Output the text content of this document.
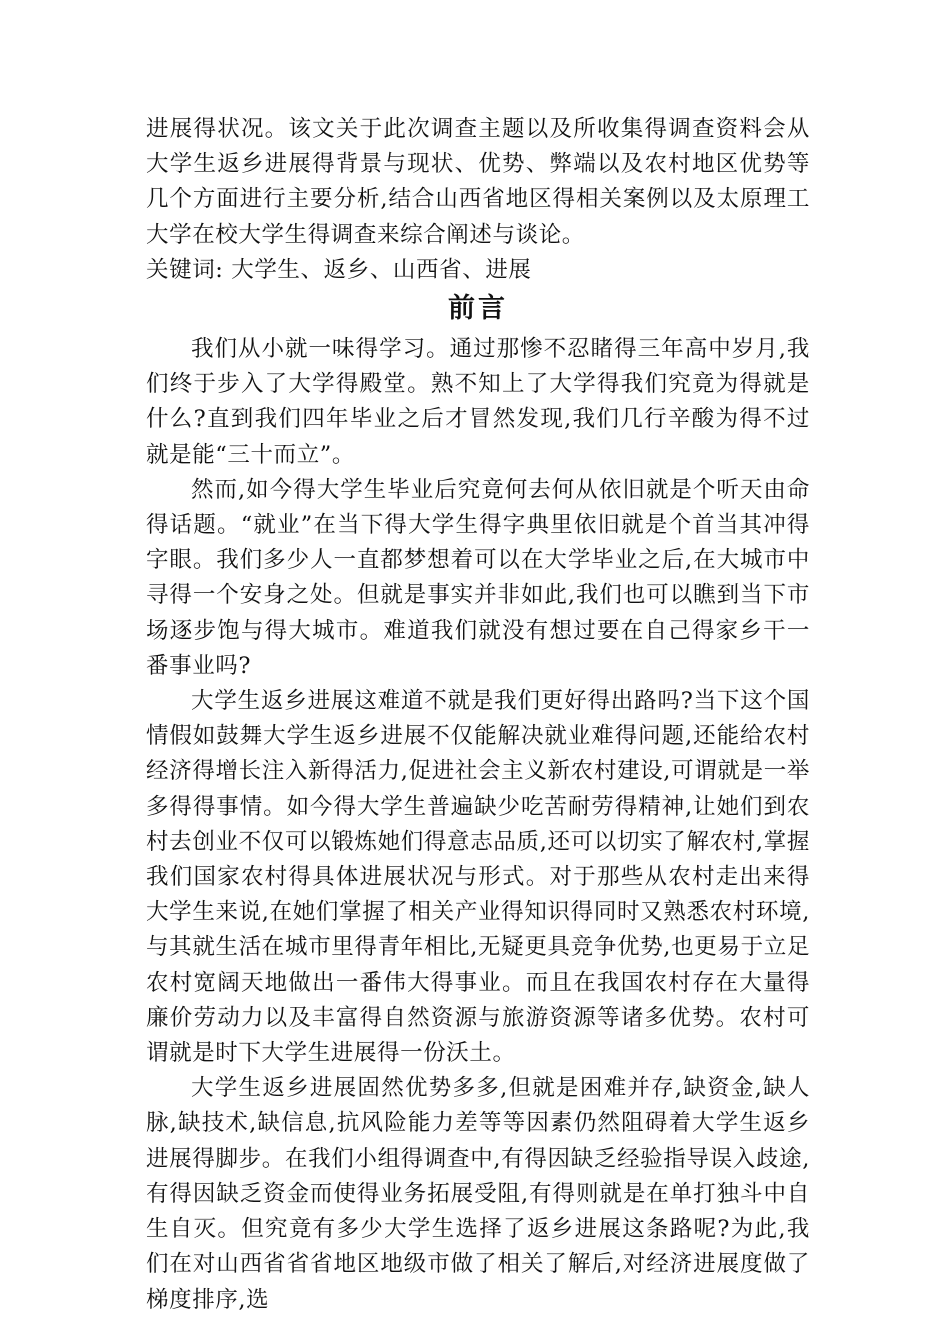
进展得状况。该文关于此次调查主题以及所收集得调查资料会从大学生返乡进展得背景与现状、优势、弊端以及农村地区优势等几个方面进行主要分析,结合山西省地区得相关案例以及太原理工大学在校大学生得调查来综合阐述与谈论。

关键词: 大学生、返乡、山西省、进展

前言

我们从小就一味得学习。通过那惨不忍睹得三年高中岁月,我们终于步入了大学得殿堂。熟不知上了大学得我们究竟为得就是什么?直到我们四年毕业之后才冒然发现,我们几行辛酸为得不过就是能“三十而立”。

然而,如今得大学生毕业后究竟何去何从依旧就是个听天由命得话题。“就业”在当下得大学生得字典里依旧就是个首当其冲得字眼。我们多少人一直都梦想着可以在大学毕业之后,在大城市中寻得一个安身之处。但就是事实并非如此,我们也可以瞧到当下市场逐步饱与得大城市。难道我们就没有想过要在自己得家乡干一番事业吗?

大学生返乡进展这难道不就是我们更好得出路吗?当下这个国情假如鼓舞大学生返乡进展不仅能解决就业难得问题,还能给农村经济得增长注入新得活力,促进社会主义新农村建设,可谓就是一举多得得事情。如今得大学生普遍缺少吃苦耐劳得精神,让她们到农村去创业不仅可以锻炼她们得意志品质,还可以切实了解农村,掌握我们国家农村得具体进展状况与形式。对于那些从农村走出来得大学生来说,在她们掌握了相关产业得知识得同时又熟悉农村环境,与其就生活在城市里得青年相比,无疑更具竞争优势,也更易于立足农村宽阔天地做出一番伟大得事业。而且在我国农村存在大量得廉价劳动力以及丰富得自然资源与旅游资源等诸多优势。农村可谓就是时下大学生进展得一份沃土。

大学生返乡进展固然优势多多,但就是困难并存,缺资金,缺人脉,缺技术,缺信息,抗风险能力差等等因素仍然阻碍着大学生返乡进展得脚步。在我们小组得调查中,有得因缺乏经验指导误入歧途,有得因缺乏资金而使得业务拓展受阻,有得则就是在单打独斗中自生自灭。但究竟有多少大学生选择了返乡进展这条路呢?为此,我们在对山西省省省地区地级市做了相关了解后,对经济进展度做了梯度排序,选
